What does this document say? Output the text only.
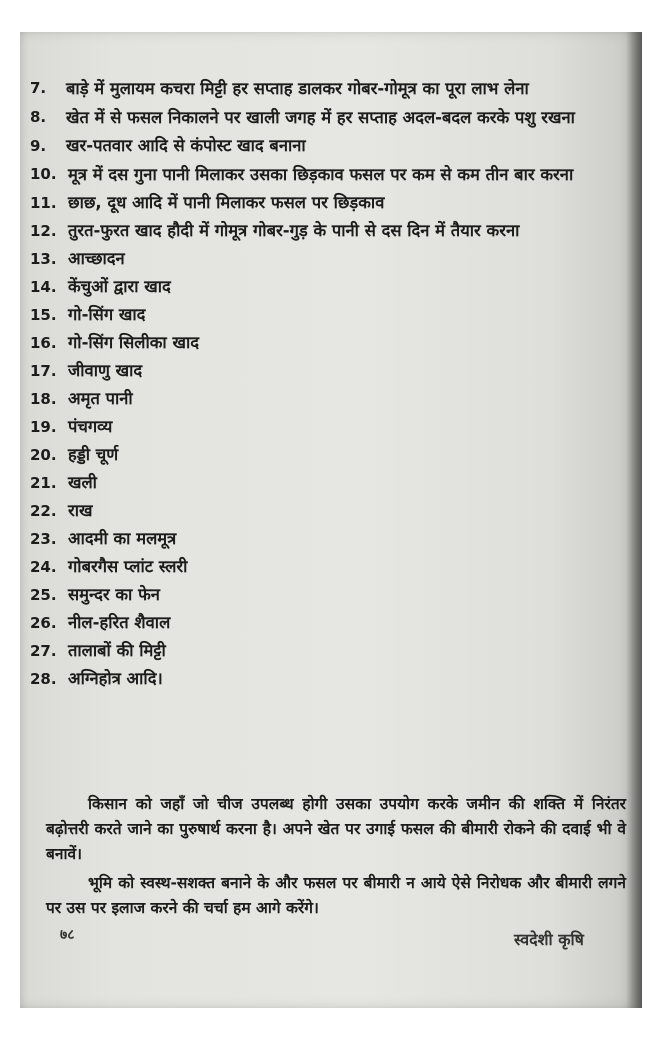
7.	बाड़े में मुलायम कचरा मिट्टी हर सप्ताह डालकर गोबर-गोमूत्र का पूरा लाभ लेना
8.	खेत में से फसल निकालने पर खाली जगह में हर सप्ताह अदल-बदल करके पशु रखना
9.	खर-पतवार आदि से कंपोस्ट खाद बनाना
10. मूत्र में दस गुना पानी मिलाकर उसका छिड़काव फसल पर कम से कम तीन बार करना
11. छाछ, दूध आदि में पानी मिलाकर फसल पर छिड़काव
12. तुरत-फुरत खाद हौदी में गोमूत्र गोबर-गुड़ के पानी से दस दिन में तैयार करना
13. आच्छादन
14. केंचुओं द्वारा खाद
15. गो-सिंग खाद
16. गो-सिंग सिलीका खाद
17. जीवाणु खाद
18. अमृत पानी
19. पंचगव्य
20. हड्डी चूर्ण
21. खली
22. राख
23. आदमी का मलमूत्र
24. गोबरगैस प्लांट स्लरी
25. समुन्दर का फेन
26. नील-हरित शैवाल
27. तालाबों की मिट्टी
28. अग्निहोत्र आदि।

किसान को जहाँ जो चीज उपलब्ध होगी उसका उपयोग करके जमीन की शक्ति में निरंतर बढ़ोत्तरी करते जाने का पुरुषार्थ करना है। अपने खेत पर उगाई फसल की बीमारी रोकने की दवाई भी वे बनावें।

भूमि को स्वस्थ-सशक्त बनाने के और फसल पर बीमारी न आये ऐसे निरोधक और बीमारी लगने पर उस पर इलाज करने की चर्चा हम आगे करेंगे।

७८	स्वदेशी कृषि
